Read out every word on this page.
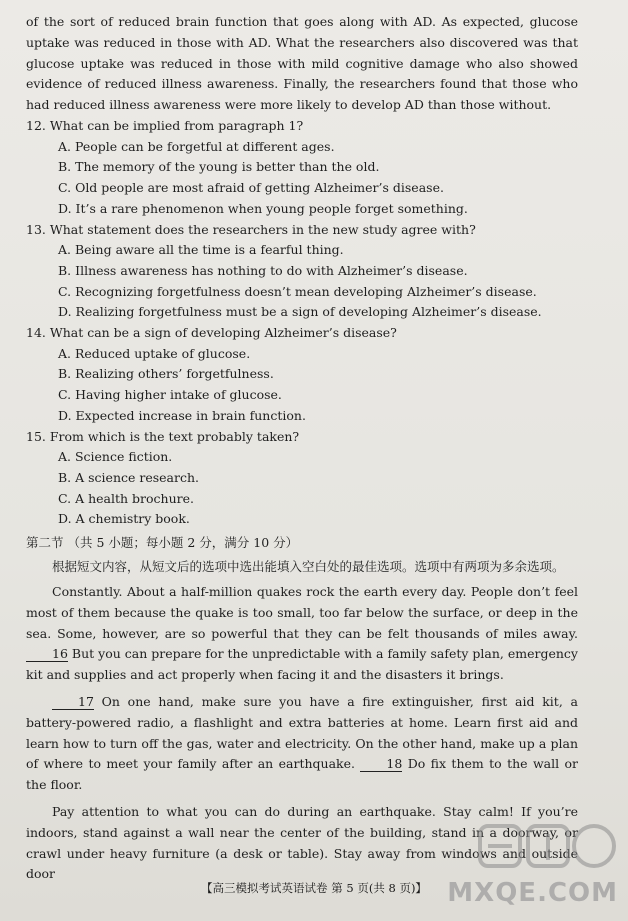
of the sort of reduced brain function that goes along with AD. As expected, glucose uptake was reduced in those with AD. What the researchers also discovered was that glucose uptake was reduced in those with mild cognitive damage who also showed evidence of reduced illness awareness. Finally, the researchers found that those who had reduced illness awareness were more likely to develop AD than those without.

12. What can be implied from paragraph 1?

A. People can be forgetful at different ages.

B. The memory of the young is better than the old.

C. Old people are most afraid of getting Alzheimer’s disease.

D. It’s a rare phenomenon when young people forget something.

13. What statement does the researchers in the new study agree with?

A. Being aware all the time is a fearful thing.

B. Illness awareness has nothing to do with Alzheimer’s disease.

C. Recognizing forgetfulness doesn’t mean developing Alzheimer’s disease.

D. Realizing forgetfulness must be a sign of developing Alzheimer’s disease.

14. What can be a sign of developing Alzheimer’s disease?

A. Reduced uptake of glucose.

B. Realizing others’ forgetfulness.

C. Having higher intake of glucose.

D. Expected increase in brain function.

15. From which is the text probably taken?

A. Science fiction.

B. A science research.

C. A health brochure.

D. A chemistry book.

第二节 （共 5 小题；每小题 2 分，满分 10 分）

根据短文内容，从短文后的选项中选出能填入空白处的最佳选项。选项中有两项为多余选项。

Constantly. About a half-million quakes rock the earth every day. People don’t feel most of them because the quake is too small, too far below the surface, or deep in the sea. Some, however, are so powerful that they can be felt thousands of miles away. 16 But you can prepare for the unpredictable with a family safety plan, emergency kit and supplies and act properly when facing it and the disasters it brings.

17 On one hand, make sure you have a fire extinguisher, first aid kit, a battery-powered radio, a flashlight and extra batteries at home. Learn first aid and learn how to turn off the gas, water and electricity. On the other hand, make up a plan of where to meet your family after an earthquake.	18 Do fix them to the wall or the floor.

Pay attention to what you can do during an earthquake. Stay calm! If you’re indoors, stand against a wall near the center of the building, stand in a doorway, or crawl under heavy furniture (a desk or table). Stay away from windows and outside door

【高三模拟考试英语试卷 第 5 页(共 8 页)】 MXQE.COM
